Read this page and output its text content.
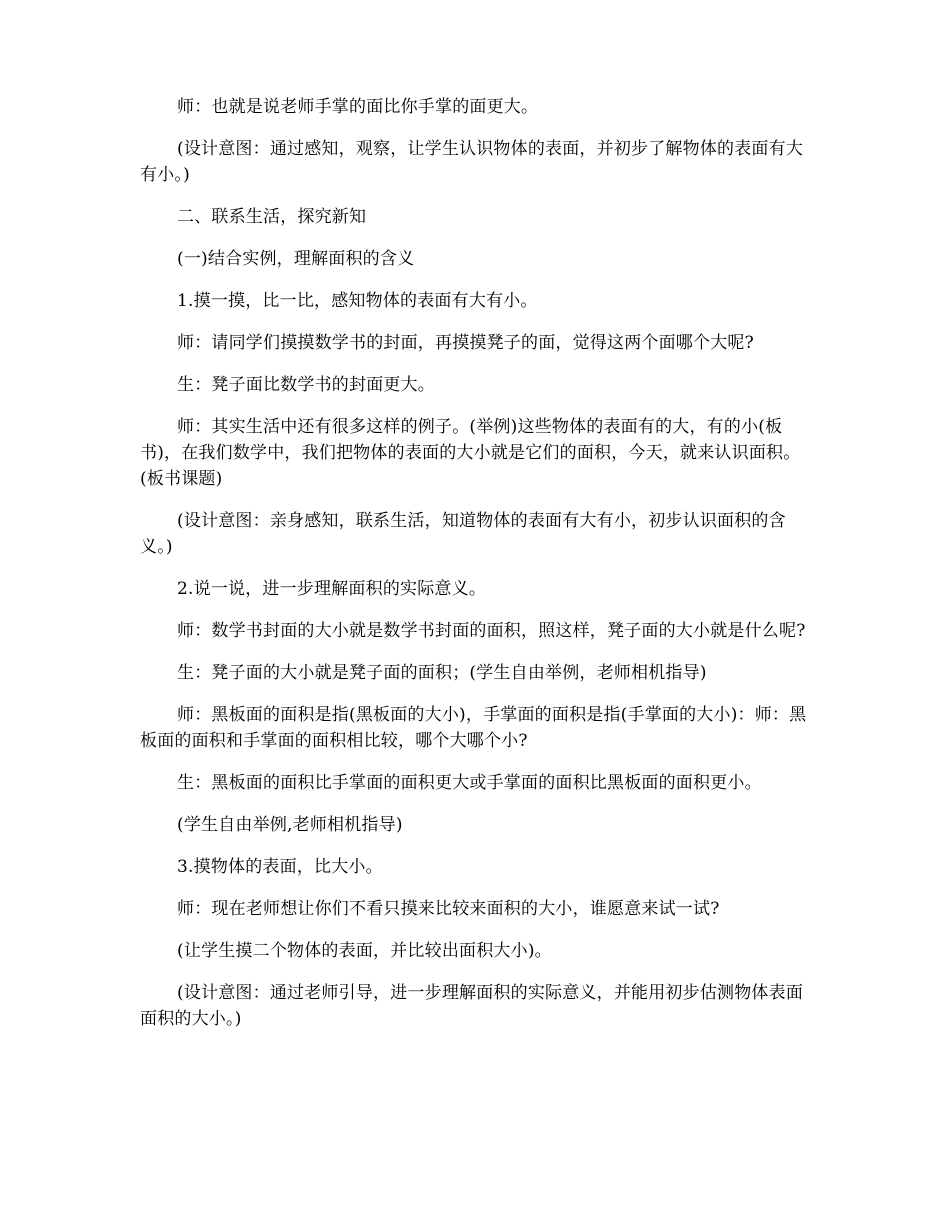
师：也就是说老师手掌的面比你手掌的面更大。

(设计意图：通过感知，观察，让学生认识物体的表面，并初步了解物体的表面有大有小。)

二、联系生活，探究新知

(一)结合实例，理解面积的含义

1.摸一摸，比一比，感知物体的表面有大有小。

师：请同学们摸摸数学书的封面，再摸摸凳子的面，觉得这两个面哪个大呢?

生：凳子面比数学书的封面更大。

师：其实生活中还有很多这样的例子。(举例)这些物体的表面有的大，有的小(板书)，在我们数学中，我们把物体的表面的大小就是它们的面积，今天，就来认识面积。(板书课题)

(设计意图：亲身感知，联系生活，知道物体的表面有大有小，初步认识面积的含义。)

2.说一说，进一步理解面积的实际意义。

师：数学书封面的大小就是数学书封面的面积，照这样，凳子面的大小就是什么呢?

生：凳子面的大小就是凳子面的面积；(学生自由举例，老师相机指导)

师：黑板面的面积是指(黑板面的大小)，手掌面的面积是指(手掌面的大小)：师：黑板面的面积和手掌面的面积相比较，哪个大哪个小?

生：黑板面的面积比手掌面的面积更大或手掌面的面积比黑板面的面积更小。

(学生自由举例,老师相机指导)

3.摸物体的表面，比大小。

师：现在老师想让你们不看只摸来比较来面积的大小，谁愿意来试一试?

(让学生摸二个物体的表面，并比较出面积大小)。

(设计意图：通过老师引导，进一步理解面积的实际意义，并能用初步估测物体表面面积的大小。)
